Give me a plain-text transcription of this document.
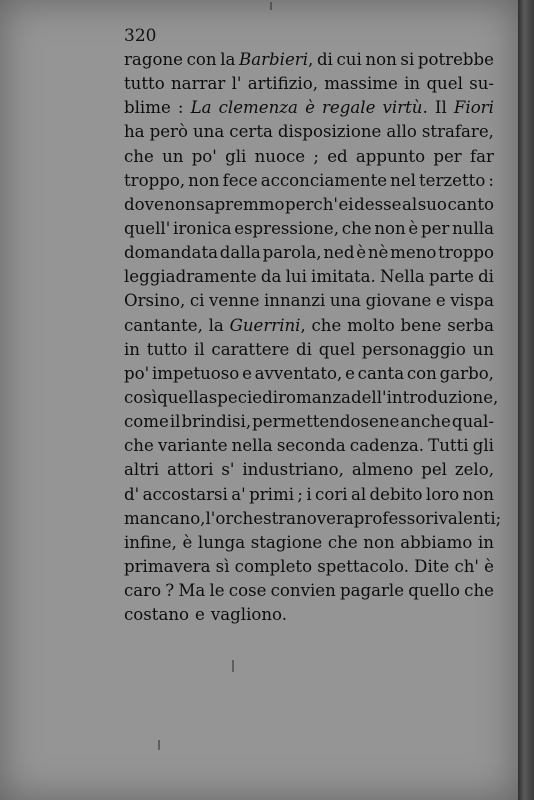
320
ragone con la Barbieri, di cui non si potrebbe
tutto narrar l' artifizio, massime in quel su-
blime : La clemenza è regale virtù. Il Fiori
ha però una certa disposizione allo strafare,
che un po' gli nuoce ; ed appunto per far
troppo, non fece acconciamente nel terzetto :
dove non sapremmo perch' ei desse al suo canto
quell' ironica espressione, che non è per nulla
domandata dalla parola, ned è nè meno troppo
leggiadramente da lui imitata. Nella parte di
Orsino, ci venne innanzi una giovane e vispa
cantante, la Guerrini, che molto bene serba
in tutto il carattere di quel personaggio un
po' impetuoso e avventato, e canta con garbo,
così quella specie di romanza dell' introduzione,
come il brindisi, permettendosene anche qual-
che variante nella seconda cadenza. Tutti gli
altri attori s' industriano, almeno pel zelo,
d' accostarsi a' primi ; i cori al debito loro non
mancano, l' orchestra novera professori valenti ;
infine, è lunga stagione che non abbiamo in
primavera sì completo spettacolo. Dite ch' è
caro ? Ma le cose convien pagarle quello che
costano e vagliono.
